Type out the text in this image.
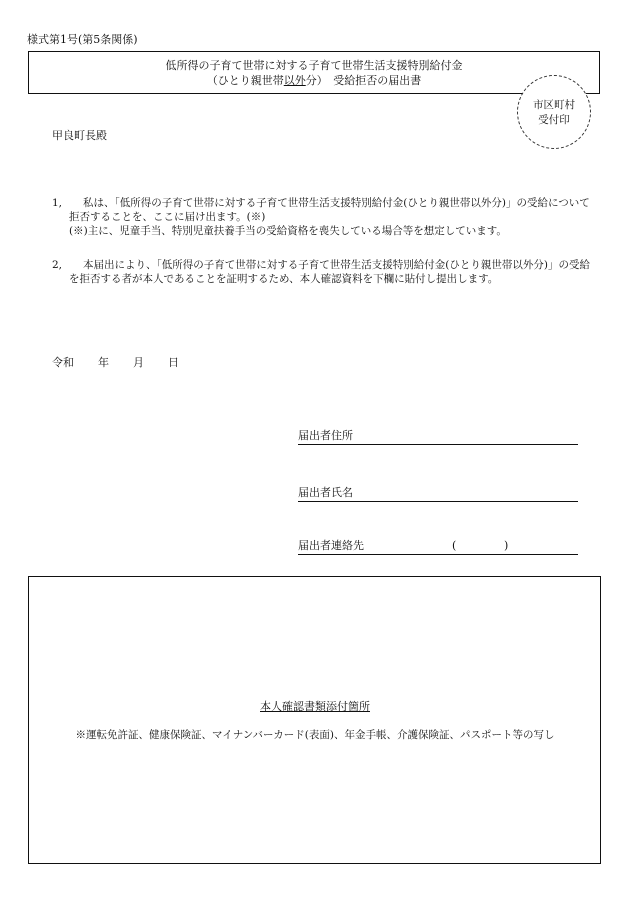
様式第1号(第5条関係)
低所得の子育て世帯に対する子育て世帯生活支援特別給付金
（ひとり親世帯以外分）　受給拒否の届出書
市区町村
受付印
甲良町長殿
1,	私は、「低所得の子育て世帯に対する子育て世帯生活支援特別給付金(ひとり親世帯以外分)」の受給について拒否することを、ここに届け出ます。(※)
(※)主に、児童手当、特別児童扶養手当の受給資格を喪失している場合等を想定しています。
2,	本届出により、「低所得の子育て世帯に対する子育て世帯生活支援特別給付金(ひとり親世帯以外分)」の受給を拒否する者が本人であることを証明するため、本人確認資料を下欄に貼付し提出します。
令和 年 月 日
届出者住所
届出者氏名
届出者連絡先	(	)
本人確認書類添付箇所
※運転免許証、健康保険証、マイナンバーカード(表面)、年金手帳、介護保険証、パスポート等の写し
